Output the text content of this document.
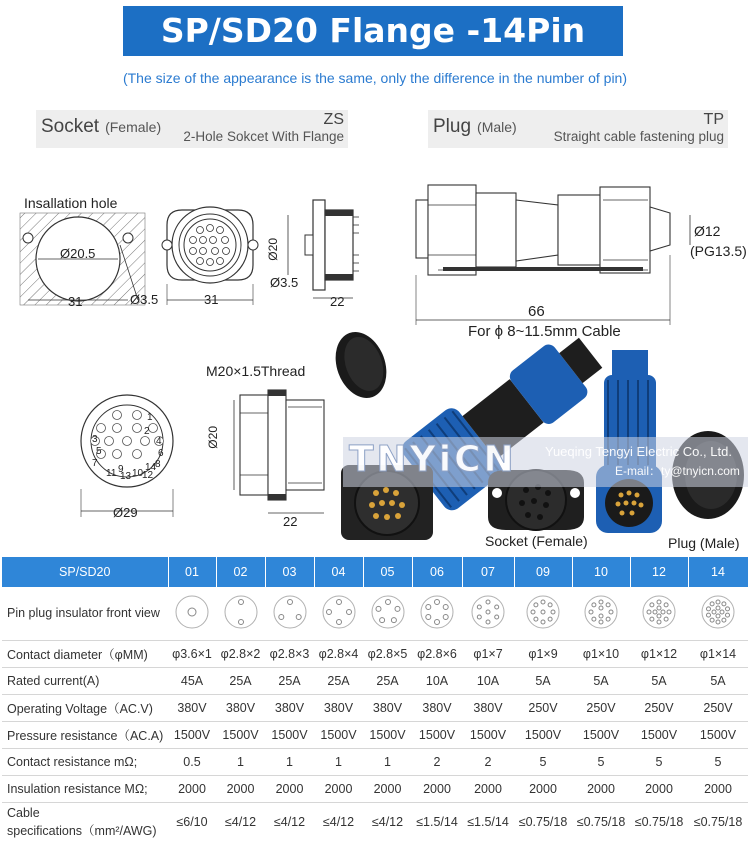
SP/SD20 Flange -14Pin
(The size of the appearance is the same, only the difference in the number of pin)
Socket (Female)	ZS
2-Hole Sokcet With Flange	Plug (Male)	TP
Straight cable fastening plug
Insallation hole
Ø20.5
31	Ø3.5	31
Ø3.5
Ø20
22
Ø12
(PG13.5)
66
For ϕ 8~11.5mm Cable
M20×1.5Thread
1
2
3	4
5	6
7	8
9 10
11	12
13
14
Ø29
Ø20
22
TNYiCN Yueqing Tengyi Electric Co., Ltd.
E-mail：ty@tnyicn.com
Socket (Female)	Plug (Male)
SP/SD20	01	02	03	04	05	06	07	09	10	12	14
Pin plug insulator front view											
Contact diameter（φMM)	φ3.6×1	φ2.8×2	φ2.8×3	φ2.8×4	φ2.8×5	φ2.8×6	φ1×7	φ1×9	φ1×10	φ1×12	φ1×14
Rated current(A)	45A	25A	25A	25A	25A	10A	10A	5A	5A	5A	5A
Operating Voltage（AC.V)	380V	380V	380V	380V	380V	380V	380V	250V	250V	250V	250V
Pressure resistance（AC.A)	1500V	1500V	1500V	1500V	1500V	1500V	1500V	1500V	1500V	1500V	1500V
Contact resistance mΩ;	0.5	1	1	1	1	2	2	5	5	5	5
Insulation resistance MΩ;	2000	2000	2000	2000	2000	2000	2000	2000	2000	2000	2000

Cable
specifications（mm²/AWG)	≤6/10	≤4/12	≤4/12	≤4/12	≤4/12	≤1.5/14	≤1.5/14	≤0.75/18	≤0.75/18	≤0.75/18	≤0.75/18
